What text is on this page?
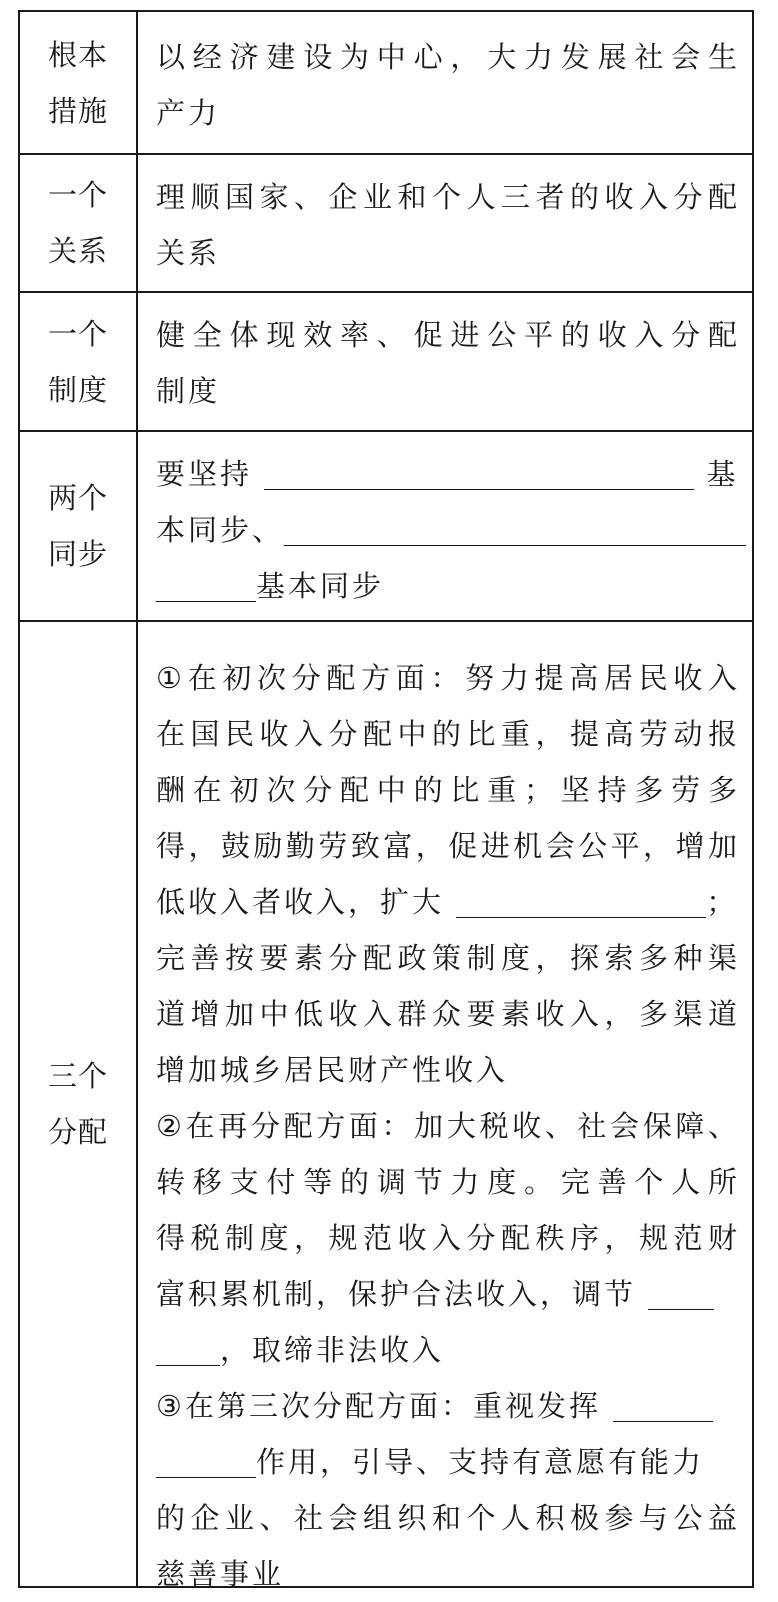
根本
措施
以经济建设为中心，大力发展社会生
产力
一个
关系
理顺国家、企业和个人三者的收入分配
关系
一个
制度
健全体现效率、促进公平的收入分配
制度
两个
同步
要坚持	基
本同步、
基本同步
三个
分配
①在初次分配方面：努力提高居民收入
在国民收入分配中的比重，提高劳动报
酬在初次分配中的比重；坚持多劳多
得，鼓励勤劳致富，促进机会公平，增加
低收入者收入，扩大	；
完善按要素分配政策制度，探索多种渠
道增加中低收入群众要素收入，多渠道
增加城乡居民财产性收入
②在再分配方面：加大税收、社会保障、
转移支付等的调节力度。完善个人所
得税制度，规范收入分配秩序，规范财
富积累机制，保护合法收入，调节
，取缔非法收入
③在第三次分配方面：重视发挥
作用，引导、支持有意愿有能力
的企业、社会组织和个人积极参与公益
慈善事业
